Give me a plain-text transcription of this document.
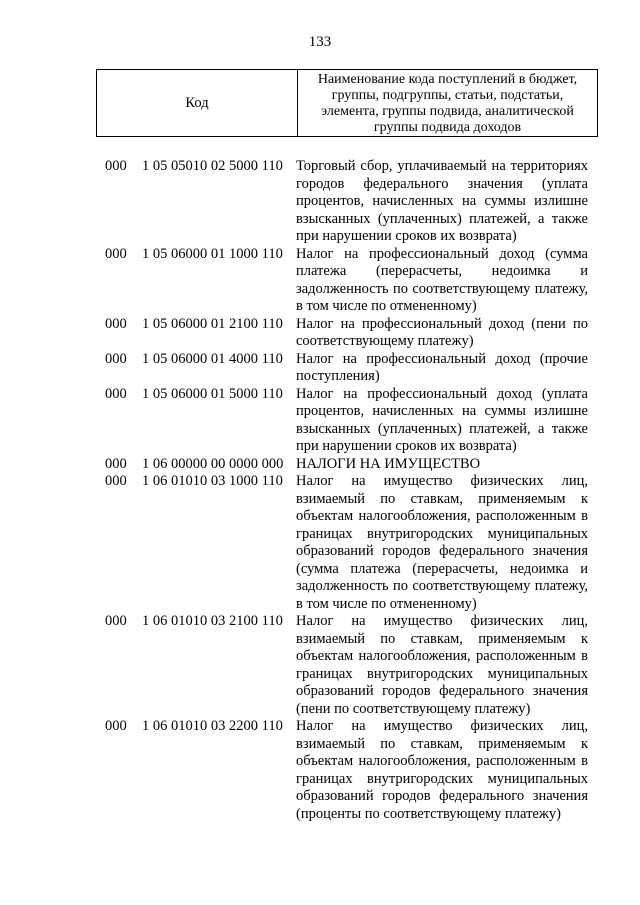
133
Код
Наименование кода поступлений в бюджет,
группы, подгруппы, статьи, подстатьи,
элемента, группы подвида, аналитической
группы подвида доходов
000 1 05 05010 02 5000 110 Торговый сбор, уплачиваемый на территориях
городов федерального значения (уплата
процентов, начисленных на суммы излишне
взысканных (уплаченных) платежей, а также
при нарушении сроков их возврата)
000 1 05 06000 01 1000 110 Налог на профессиональный доход (сумма
платежа (перерасчеты, недоимка и
задолженность по соответствующему платежу,
в том числе по отмененному)
000 1 05 06000 01 2100 110 Налог на профессиональный доход (пени по
соответствующему платежу)
000 1 05 06000 01 4000 110 Налог на профессиональный доход (прочие
поступления)
000 1 05 06000 01 5000 110 Налог на профессиональный доход (уплата
процентов, начисленных на суммы излишне
взысканных (уплаченных) платежей, а также
при нарушении сроков их возврата)
000 1 06 00000 00 0000 000 НАЛОГИ НА ИМУЩЕСТВО
000 1 06 01010 03 1000 110 Налог на имущество физических лиц,
взимаемый по ставкам, применяемым к
объектам налогообложения, расположенным в
границах внутригородских муниципальных
образований городов федерального значения
(сумма платежа (перерасчеты, недоимка и
задолженность по соответствующему платежу,
в том числе по отмененному)
000 1 06 01010 03 2100 110 Налог на имущество физических лиц,
взимаемый по ставкам, применяемым к
объектам налогообложения, расположенным в
границах внутригородских муниципальных
образований городов федерального значения
(пени по соответствующему платежу)
000 1 06 01010 03 2200 110 Налог на имущество физических лиц,
взимаемый по ставкам, применяемым к
объектам налогообложения, расположенным в
границах внутригородских муниципальных
образований городов федерального значения
(проценты по соответствующему платежу)
